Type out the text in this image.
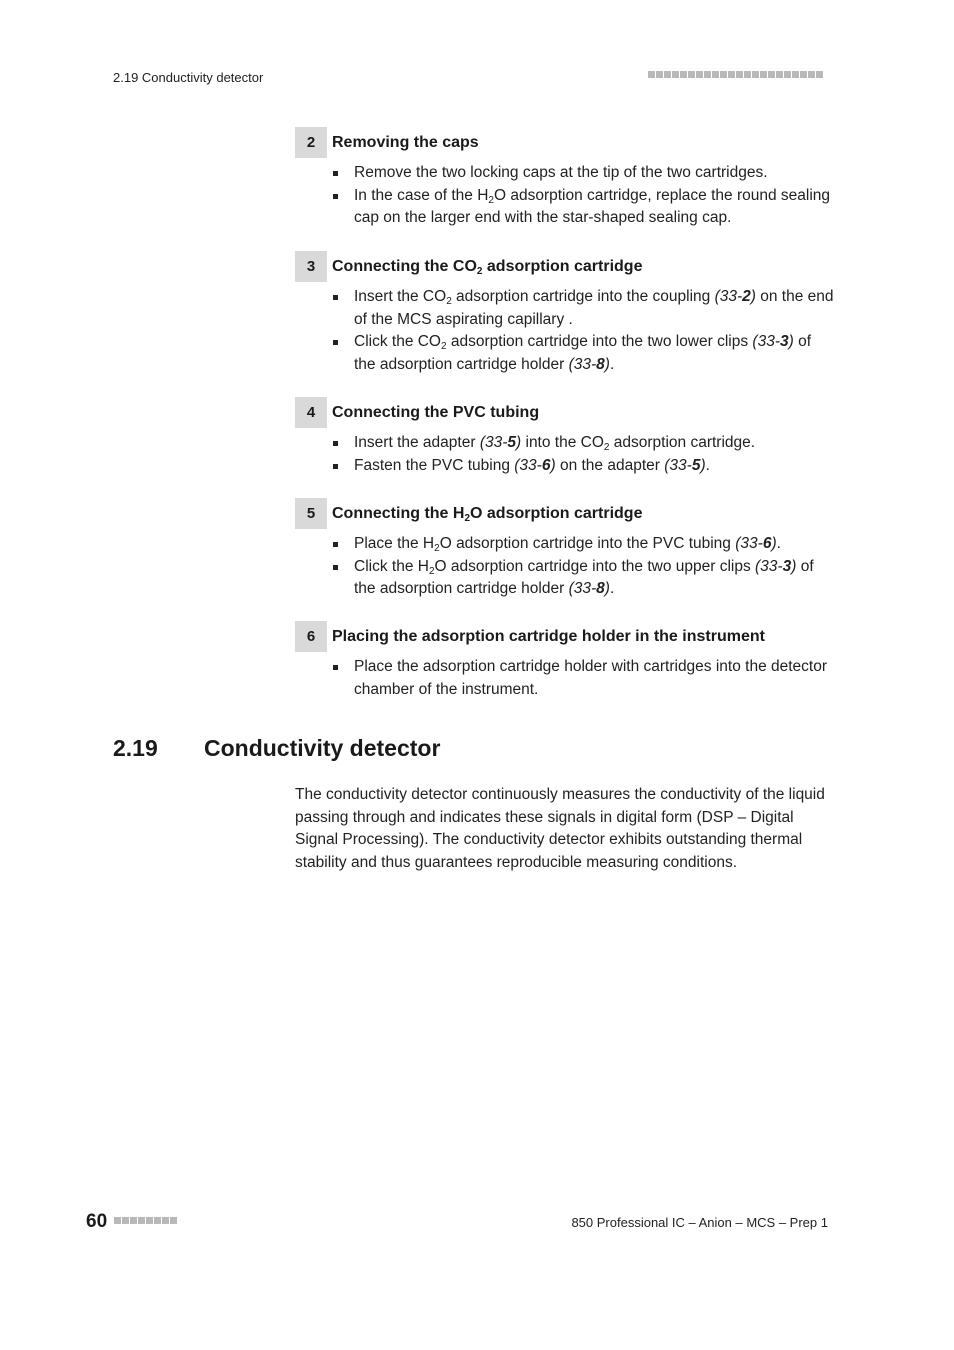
2.19 Conductivity detector
2	Removing the caps
Remove the two locking caps at the tip of the two cartridges.
In the case of the $H_2O$ adsorption cartridge, replace the round sealing cap on the larger end with the star-shaped sealing cap.
3	Connecting the $CO_2$ adsorption cartridge
Insert the $CO_2$ adsorption cartridge into the coupling (33-2) on the end of the MCS aspirating capillary .
Click the $CO_2$ adsorption cartridge into the two lower clips (33-3) of the adsorption cartridge holder (33-8).
4	Connecting the PVC tubing
Insert the adapter (33-5) into the $CO_2$ adsorption cartridge.
Fasten the PVC tubing (33-6) on the adapter (33-5).
5	Connecting the $H_2O$ adsorption cartridge
Place the $H_2O$ adsorption cartridge into the PVC tubing (33-6).
Click the $H_2O$ adsorption cartridge into the two upper clips (33-3) of the adsorption cartridge holder (33-8).
6	Placing the adsorption cartridge holder in the instrument
Place the adsorption cartridge holder with cartridges into the detector chamber of the instrument.
2.19 Conductivity detector
The conductivity detector continuously measures the conductivity of the liquid passing through and indicates these signals in digital form (DSP – Digital Signal Processing). The conductivity detector exhibits outstanding thermal stability and thus guarantees reproducible measuring conditions.
60	850 Professional IC – Anion – MCS – Prep 1
